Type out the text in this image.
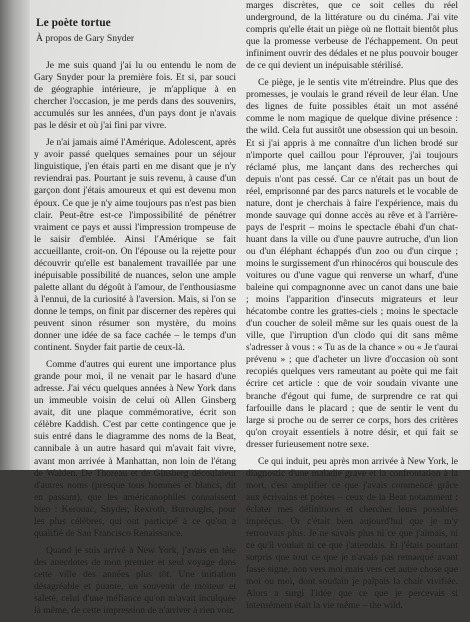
Le poète tortue
À propos de Gary Snyder

Je me suis quand j'ai lu ou entendu le nom de Gary Snyder pour la première fois. Et si, par souci de géographie intérieure, je m'applique à en chercher l'occasion, je me perds dans des souvenirs, accumulés sur les années, d'un pays dont je n'avais pas le désir et où j'ai fini par vivre.

Je n'ai jamais aimé l'Amérique. Adolescent, après y avoir passé quelques semaines pour un séjour linguistique, j'en étais parti en me disant que je n'y reviendrai pas. Pourtant je suis revenu, à cause d'un garçon dont j'étais amoureux et qui est devenu mon époux. Ce que je n'y aime toujours pas n'est pas bien clair. Peut-être est-ce l'impossibilité de pénétrer vraiment ce pays et aussi l'impression trompeuse de le saisir d'emblée. Ainsi l'Amérique se fait accueillante, croit-on. On l'épouse ou la rejette pour découvrir qu'elle est banalement travaillée par une inépuisable possibilité de nuances, selon une ample palette allant du dégoût à l'amour, de l'enthousiasme à l'ennui, de la curiosité à l'aversion. Mais, si l'on se donne le temps, on finit par discerner des repères qui peuvent sinon résumer son mystère, du moins donner une idée de sa face cachée – le temps d'un continent. Snyder fait partie de ceux-là.

Comme d'autres qui eurent une importance plus grande pour moi, il ne venait par le hasard d'une adresse. J'ai vécu quelques années à New York dans un immeuble voisin de celui où Allen Ginsberg avait, dit une plaque commémorative, écrit son célèbre Kaddish. C'est par cette contingence que je suis entré dans le diagramme des noms de la Beat, cannibale à un autre hasard qui m'avait fait vivre, avant mon arrivée à Manhattan, non loin de l'étang de Walden. De Thoreau et de Ginsberg découlaient d'autres noms (presque tous hommes et blancs, dit en passant), que les américanophiles connaissent bien : Kerouac, Snyder, Rexroth, Burroughs, pour les plus célèbres, qui ont participé à ce qu'on a qualifié de San Francisco Renaissance.

Quand je suis arrivé à New York, j'avais en tête des anecdotes de mon premier et seul voyage dans cette ville des années plus tôt. Une initiation désagréable et puante, un souvenir de moiteur et saleté, celui d'une méfiance qu'on m'avait inculquée là même, de cette impression de n'arriver à rien voir.

marges discrètes, que ce soit celles du réel underground, de la littérature ou du cinéma. J'ai vite compris qu'elle était un piège où ne flottait bientôt plus que la promesse verbeuse de l'échappement. On peut infiniment ouvrir des dédales et ne plus pouvoir bouger de ce qui devient un inépuisable stérilisé.

Ce piège, je le sentis vite m'étreindre. Plus que des promesses, je voulais le grand réveil de leur élan. Une des lignes de fuite possibles était un mot asséné comme le nom magique de quelque divine présence : the wild. Cela fut aussitôt une obsession qui un besoin. Et si j'ai appris à me connaître d'un lichen brodé sur n'importe quel caillou pour l'éprouver, j'ai toujours réclamé plus, me lançant dans des recherches qui depuis n'ont pas cessé. Car ce n'était pas un bout de réel, emprisonné par des parcs naturels et le vocable de nature, dont je cherchais à faire l'expérience, mais du monde sauvage qui donne accès au rêve et à l'arrière-pays de l'esprit – moins le spectacle ébahi d'un chat-huant dans la ville ou d'une pauvre autruche, d'un lion ou d'un éléphant échappés d'un zoo ou d'un cirque ; moins le surgissement d'un rhinocéros qui bouscule des voitures ou d'une vague qui renverse un wharf, d'une baleine qui compagnonne avec un canot dans une baie ; moins l'apparition d'insecuts migrateurs et leur hécatombe contre les grattes-ciels ; moins le spectacle d'un coucher de soleil même sur les quais ouest de la ville, que l'irruption d'un clodo qui dit sans même s'adresser à vous : « Tu as de la chance » ou « Je t'aurai prévenu » ; que d'acheter un livre d'occasion où sont recopiés quelques vers rameutant au poète qui me fait écrire cet article : que de voir soudain vivante une branche d'égout qui fume, de surprendre ce rat qui farfouille dans le placard ; que de sentir le vent du large si proche ou de serrer ce corps, hors des critères qu'on croyait essentiels à notre désir, et qui fait se dresser furieusement notre sexe.

Ce qui induit, peu après mon arrivée à New York, le diagnostic d'une maladie grave et la confrontation à la mort, c'est amplifier ce que j'avais commencé grâce aux écrivains et poètes – ceux de la Beat notamment : éclater mes définitions et chercher leurs possibles impréçus. Or c'était bien aujourd'hui que je m'y retrouvais plus. Je ne savais plus ni ce que j'aimais, ni ce qu'il voulait ni ce que j'attendais. Et j'étais pourtant surpris que tout ce que je n'avais pas remarqué avant fasse signe, non vers moi mais vers cet autre chose que moi ou moi, dont soudain je palpais la chair vivifiée. Alors a surgi l'idée que ce que je percevais si intensément était la vie même – the wild.
